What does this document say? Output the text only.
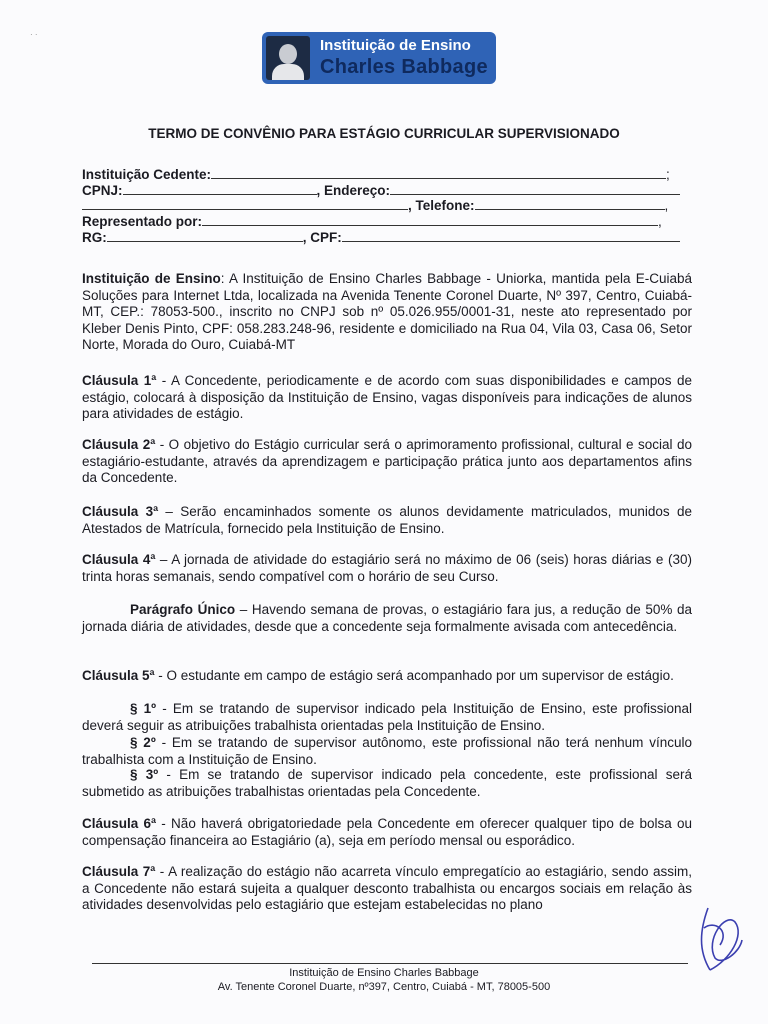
· ·
Instituição de Ensino
Charles Babbage
TERMO DE CONVÊNIO PARA ESTÁGIO CURRICULAR SUPERVISIONADO
Instituição Cedente:	;
CPNJ:	, Endereço:
, Telefone:	,
Representado por:	,
RG:	, CPF:
Instituição de Ensino: A Instituição de Ensino Charles Babbage - Uniorka, mantida pela E-Cuiabá Soluções para Internet Ltda, localizada na Avenida Tenente Coronel Duarte, Nº 397, Centro, Cuiabá-MT, CEP.: 78053-500., inscrito no CNPJ sob nº 05.026.955/0001-31, neste ato representado por Kleber Denis Pinto, CPF: 058.283.248-96, residente e domiciliado na Rua 04, Vila 03, Casa 06, Setor Norte, Morada do Ouro, Cuiabá-MT
Cláusula 1ª - A Concedente, periodicamente e de acordo com suas disponibilidades e campos de estágio, colocará à disposição da Instituição de Ensino, vagas disponíveis para indicações de alunos para atividades de estágio.
Cláusula 2ª - O objetivo do Estágio curricular será o aprimoramento profissional, cultural e social do estagiário-estudante, através da aprendizagem e participação prática junto aos departamentos afins da Concedente.
Cláusula 3ª – Serão encaminhados somente os alunos devidamente matriculados, munidos de Atestados de Matrícula, fornecido pela Instituição de Ensino.
Cláusula 4ª – A jornada de atividade do estagiário será no máximo de 06 (seis) horas diárias e (30) trinta horas semanais, sendo compatível com o horário de seu Curso.
Parágrafo Único – Havendo semana de provas, o estagiário fara jus, a redução de 50% da jornada diária de atividades, desde que a concedente seja formalmente avisada com antecedência.
Cláusula 5ª - O estudante em campo de estágio será acompanhado por um supervisor de estágio.
§ 1º - Em se tratando de supervisor indicado pela Instituição de Ensino, este profissional deverá seguir as atribuições trabalhista orientadas pela Instituição de Ensino.
§ 2º - Em se tratando de supervisor autônomo, este profissional não terá nenhum vínculo trabalhista com a Instituição de Ensino.
§ 3º - Em se tratando de supervisor indicado pela concedente, este profissional será submetido as atribuições trabalhistas orientadas pela Concedente.
Cláusula 6ª - Não haverá obrigatoriedade pela Concedente em oferecer qualquer tipo de bolsa ou compensação financeira ao Estagiário (a), seja em período mensal ou esporádico.
Cláusula 7ª - A realização do estágio não acarreta vínculo empregatício ao estagiário, sendo assim, a Concedente não estará sujeita a qualquer desconto trabalhista ou encargos sociais em relação às atividades desenvolvidas pelo estagiário que estejam estabelecidas no plano
Instituição de Ensino Charles Babbage
Av. Tenente Coronel Duarte, nº397, Centro, Cuiabá - MT, 78005-500
